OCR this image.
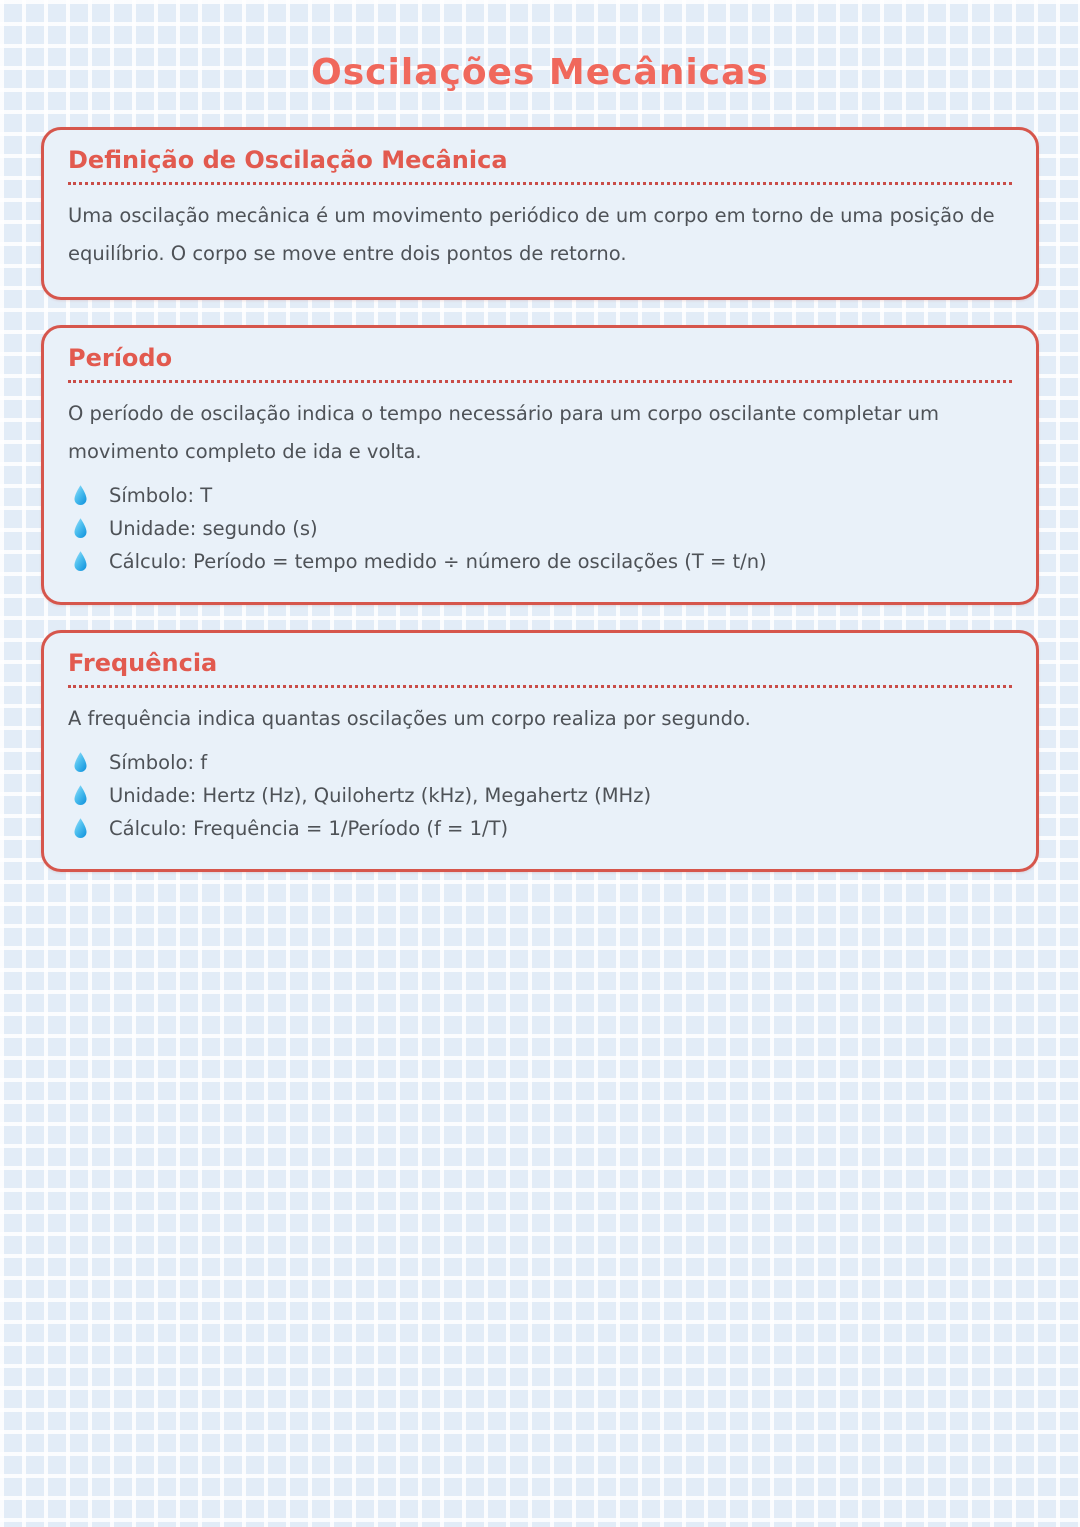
Oscilações Mecânicas
Definição de Oscilação Mecânica

Uma oscilação mecânica é um movimento periódico de um corpo em torno de uma posição de equilíbrio. O corpo se move entre dois pontos de retorno.

Período

O período de oscilação indica o tempo necessário para um corpo oscilante completar um movimento completo de ida e volta.

Símbolo: T
Unidade: segundo (s)
Cálculo: Período = tempo medido ÷ número de oscilações (T = t/n)
Frequência

A frequência indica quantas oscilações um corpo realiza por segundo.

Símbolo: f
Unidade: Hertz (Hz), Quilohertz (kHz), Megahertz (MHz)
Cálculo: Frequência = 1/Período (f = 1/T)
